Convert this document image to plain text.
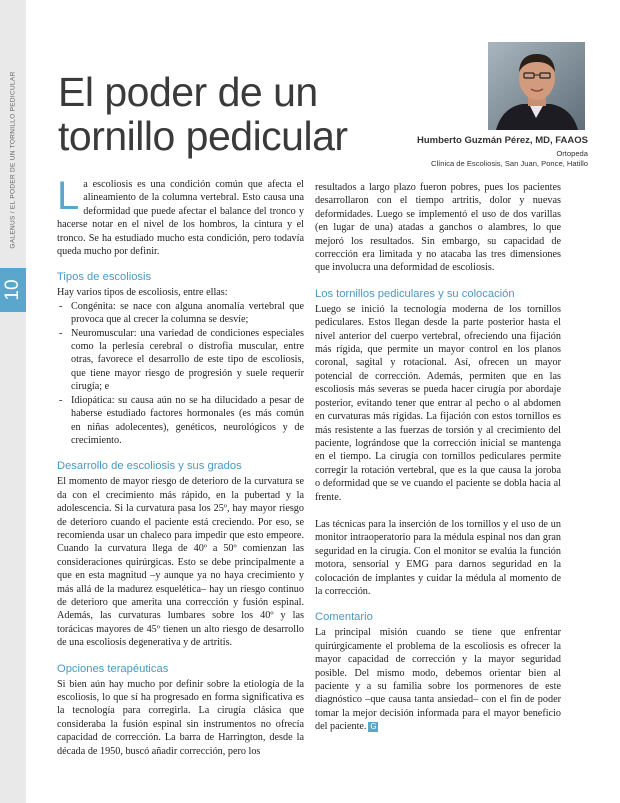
GALENUS / EL PODER DE UN TORNILLO PEDICULAR
10
El poder de un
tornillo pedicular	Humberto Guzmán Pérez, MD, FAAOS
Ortopeda
Clínica de Escoliosis, San Juan, Ponce, Hatillo

La escoliosis es una condición común que afecta el alineamiento de la columna vertebral. Esto causa una deformidad que puede afectar el balance del tronco y hacerse notar en el nivel de los hombros, la cintura y el tronco. Se ha estudiado mucho esta condición, pero todavía queda mucho por definir.

Tipos de escoliosis

Hay varios tipos de escoliosis, entre ellas:

- Congénita: se nace con alguna anomalía vertebral que provoca que al crecer la columna se desvíe;
- Neuromuscular: una variedad de condiciones especiales como la perlesía cerebral o distrofia muscular, entre otras, favorece el desarrollo de este tipo de escoliosis, que tiene mayor riesgo de progresión y suele requerir cirugía; e
- Idiopática: su causa aún no se ha dilucidado a pesar de haberse estudiado factores hormonales (es más común en niñas adolecentes), genéticos, neurológicos y de crecimiento.
Desarrollo de escoliosis y sus grados

El momento de mayor riesgo de deterioro de la curvatura se da con el crecimiento más rápido, en la pubertad y la adolescencia. Si la curvatura pasa los 25º, hay mayor riesgo de deterioro cuando el paciente está creciendo. Por eso, se recomienda usar un chaleco para impedir que esto empeore. Cuando la curvatura llega de 40º a 50º comienzan las consideraciones quirúrgicas. Esto se debe principalmente a que en esta magnitud –y aunque ya no haya crecimiento y más allá de la madurez esquelética– hay un riesgo continuo de deterioro que amerita una corrección y fusión espinal. Además, las curvaturas lumbares sobre los 40º y las torácicas mayores de 45º tienen un alto riesgo de desarrollo de una escoliosis degenerativa y de artritis.

Opciones terapéuticas

Si bien aún hay mucho por definir sobre la etiología de la escoliosis, lo que sí ha progresado en forma significativa es la tecnología para corregirla. La cirugía clásica que consideraba la fusión espinal sin instrumentos no ofrecía capacidad de corrección. La barra de Harrington, desde la década de 1950, buscó añadir corrección, pero los

resultados a largo plazo fueron pobres, pues los pacientes desarrollaron con el tiempo artritis, dolor y nuevas deformidades. Luego se implementó el uso de dos varillas (en lugar de una) atadas a ganchos o alambres, lo que mejoró los resultados. Sin embargo, su capacidad de corrección era limitada y no atacaba las tres dimensiones que involucra una deformidad de escoliosis.

Los tornillos pediculares y su colocación

Luego se inició la tecnología moderna de los tornillos pediculares. Estos llegan desde la parte posterior hasta el nivel anterior del cuerpo vertebral, ofreciendo una fijación más rígida, que permite un mayor control en los planos coronal, sagital y rotacional. Así, ofrecen un mayor potencial de corrección. Además, permiten que en las escoliosis más severas se pueda hacer cirugía por abordaje posterior, evitando tener que entrar al pecho o al abdomen en curvaturas más rígidas. La fijación con estos tornillos es más resistente a las fuerzas de torsión y al crecimiento del paciente, lográndose que la corrección inicial se mantenga en el tiempo. La cirugía con tornillos pediculares permite corregir la rotación vertebral, que es la que causa la joroba o deformidad que se ve cuando el paciente se dobla hacia al frente.

Las técnicas para la inserción de los tornillos y el uso de un monitor intraoperatorio para la médula espinal nos dan gran seguridad en la cirugía. Con el monitor se evalúa la función motora, sensorial y EMG para darnos seguridad en la colocación de implantes y cuidar la médula al momento de la corrección.

Comentario

La principal misión cuando se tiene que enfrentar quirúrgicamente el problema de la escoliosis es ofrecer la mayor capacidad de corrección y la mayor seguridad posible. Del mismo modo, debemos orientar bien al paciente y a su familia sobre los pormenores de este diagnóstico –que causa tanta ansiedad– con el fin de poder tomar la mejor decisión informada para el mayor beneficio del paciente. G
